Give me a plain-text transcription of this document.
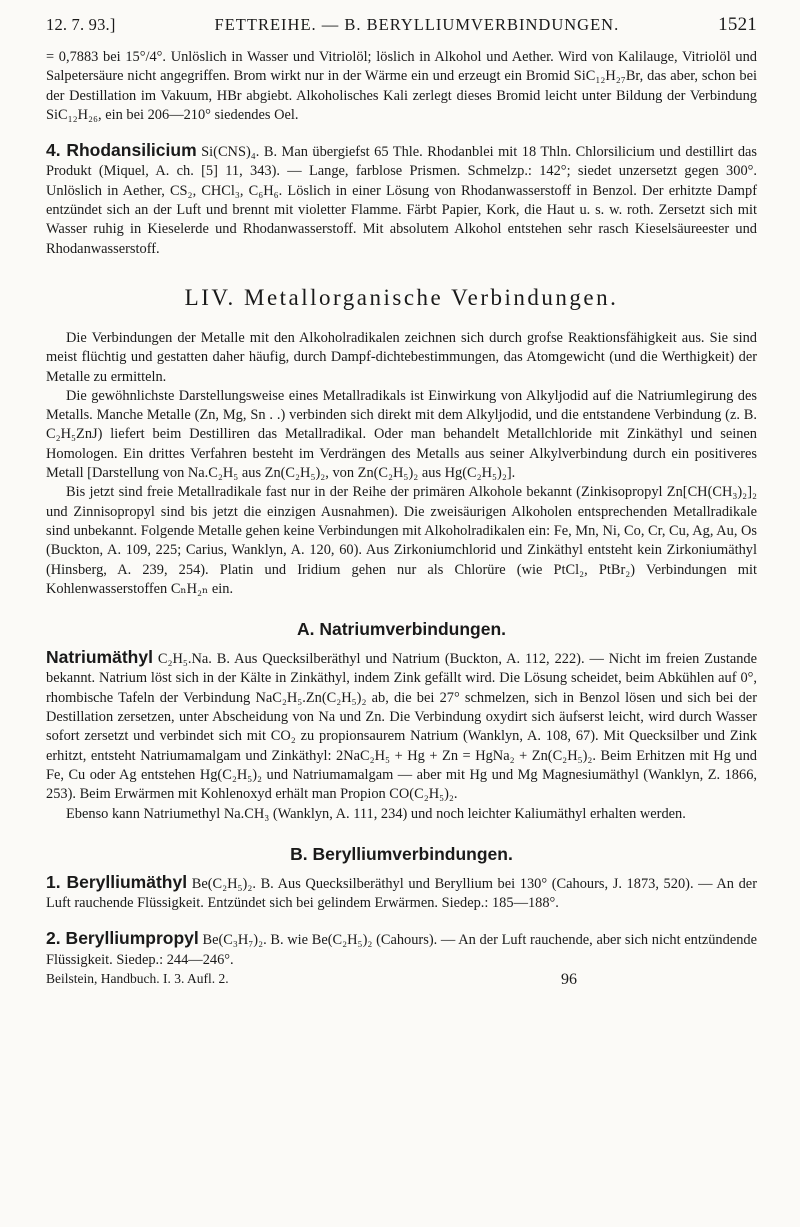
12. 7. 93.]	FETTREIHE. — B. BERYLLIUMVERBINDUNGEN.	1521

= 0,7883 bei 15°/4°. Unlöslich in Wasser und Vitriolöl; löslich in Alkohol und Aether. Wird von Kalilauge, Vitriolöl und Salpetersäure nicht angegriffen. Brom wirkt nur in der Wärme ein und erzeugt ein Bromid SiC₁₂H₂₇Br, das aber, schon bei der Destillation im Vakuum, HBr abgiebt. Alkoholisches Kali zerlegt dieses Bromid leicht unter Bildung der Verbindung SiC₁₂H₂₆, ein bei 206—210° siedendes Oel.

4. Rhodansilicium Si(CNS)₄. B. Man übergiefst 65 Thle. Rhodanblei mit 18 Thln. Chlorsilicium und destillirt das Produkt (Miquel, A. ch. [5] 11, 343). — Lange, farblose Prismen. Schmelzp.: 142°; siedet unzersetzt gegen 300°. Unlöslich in Aether, CS₂, CHCl₃, C₆H₆. Löslich in einer Lösung von Rhodanwasserstoff in Benzol. Der erhitzte Dampf entzündet sich an der Luft und brennt mit violetter Flamme. Färbt Papier, Kork, die Haut u. s. w. roth. Zersetzt sich mit Wasser ruhig in Kieselerde und Rhodanwasserstoff. Mit absolutem Alkohol entstehen sehr rasch Kieselsäureester und Rhodanwasserstoff.

LIV. Metallorganische Verbindungen.

Die Verbindungen der Metalle mit den Alkoholradikalen zeichnen sich durch grofse Reaktionsfähigkeit aus. Sie sind meist flüchtig und gestatten daher häufig, durch Dampf-dichtebestimmungen, das Atomgewicht (und die Werthigkeit) der Metalle zu ermitteln.

Die gewöhnlichste Darstellungsweise eines Metallradikals ist Einwirkung von Alkyljodid auf die Natriumlegirung des Metalls. Manche Metalle (Zn, Mg, Sn . .) verbinden sich direkt mit dem Alkyljodid, und die entstandene Verbindung (z. B. C₂H₅ZnJ) liefert beim Destilliren das Metallradikal. Oder man behandelt Metallchloride mit Zinkäthyl und seinen Homologen. Ein drittes Verfahren besteht im Verdrängen des Metalls aus seiner Alkylverbindung durch ein positiveres Metall [Darstellung von Na.C₂H₅ aus Zn(C₂H₅)₂, von Zn(C₂H₅)₂ aus Hg(C₂H₅)₂].

Bis jetzt sind freie Metallradikale fast nur in der Reihe der primären Alkohole bekannt (Zinkisopropyl Zn[CH(CH₃)₂]₂ und Zinnisopropyl sind bis jetzt die einzigen Ausnahmen). Die zweisäurigen Alkoholen entsprechenden Metallradikale sind unbekannt. Folgende Metalle gehen keine Verbindungen mit Alkoholradikalen ein: Fe, Mn, Ni, Co, Cr, Cu, Ag, Au, Os (Buckton, A. 109, 225; Carius, Wanklyn, A. 120, 60). Aus Zirkoniumchlorid und Zinkäthyl entsteht kein Zirkoniumäthyl (Hinsberg, A. 239, 254). Platin und Iridium gehen nur als Chlorüre (wie PtCl₂, PtBr₂) Verbindungen mit Kohlenwasserstoffen CₙH₂ₙ ein.

A. Natriumverbindungen.

Natriumäthyl C₂H₅.Na. B. Aus Quecksilberäthyl und Natrium (Buckton, A. 112, 222). — Nicht im freien Zustande bekannt. Natrium löst sich in der Kälte in Zinkäthyl, indem Zink gefällt wird. Die Lösung scheidet, beim Abkühlen auf 0°, rhombische Tafeln der Verbindung NaC₂H₅.Zn(C₂H₅)₂ ab, die bei 27° schmelzen, sich in Benzol lösen und sich bei der Destillation zersetzen, unter Abscheidung von Na und Zn. Die Verbindung oxydirt sich äufserst leicht, wird durch Wasser sofort zersetzt und verbindet sich mit CO₂ zu propionsaurem Natrium (Wanklyn, A. 108, 67). Mit Quecksilber und Zink erhitzt, entsteht Natriumamalgam und Zinkäthyl: 2NaC₂H₅ + Hg + Zn = HgNa₂ + Zn(C₂H₅)₂. Beim Erhitzen mit Hg und Fe, Cu oder Ag entstehen Hg(C₂H₅)₂ und Natriumamalgam — aber mit Hg und Mg Magnesiumäthyl (Wanklyn, Z. 1866, 253). Beim Erwärmen mit Kohlenoxyd erhält man Propion CO(C₂H₅)₂.

Ebenso kann Natriumethyl Na.CH₃ (Wanklyn, A. 111, 234) und noch leichter Kaliumäthyl erhalten werden.

B. Berylliumverbindungen.

1. Berylliumäthyl Be(C₂H₅)₂. B. Aus Quecksilberäthyl und Beryllium bei 130° (Cahours, J. 1873, 520). — An der Luft rauchende Flüssigkeit. Entzündet sich bei gelindem Erwärmen. Siedep.: 185—188°.

2. Berylliumpropyl Be(C₃H₇)₂. B. wie Be(C₂H₅)₂ (Cahours). — An der Luft rauchende, aber sich nicht entzündende Flüssigkeit. Siedep.: 244—246°.

Beilstein, Handbuch. I. 3. Aufl. 2.	96
